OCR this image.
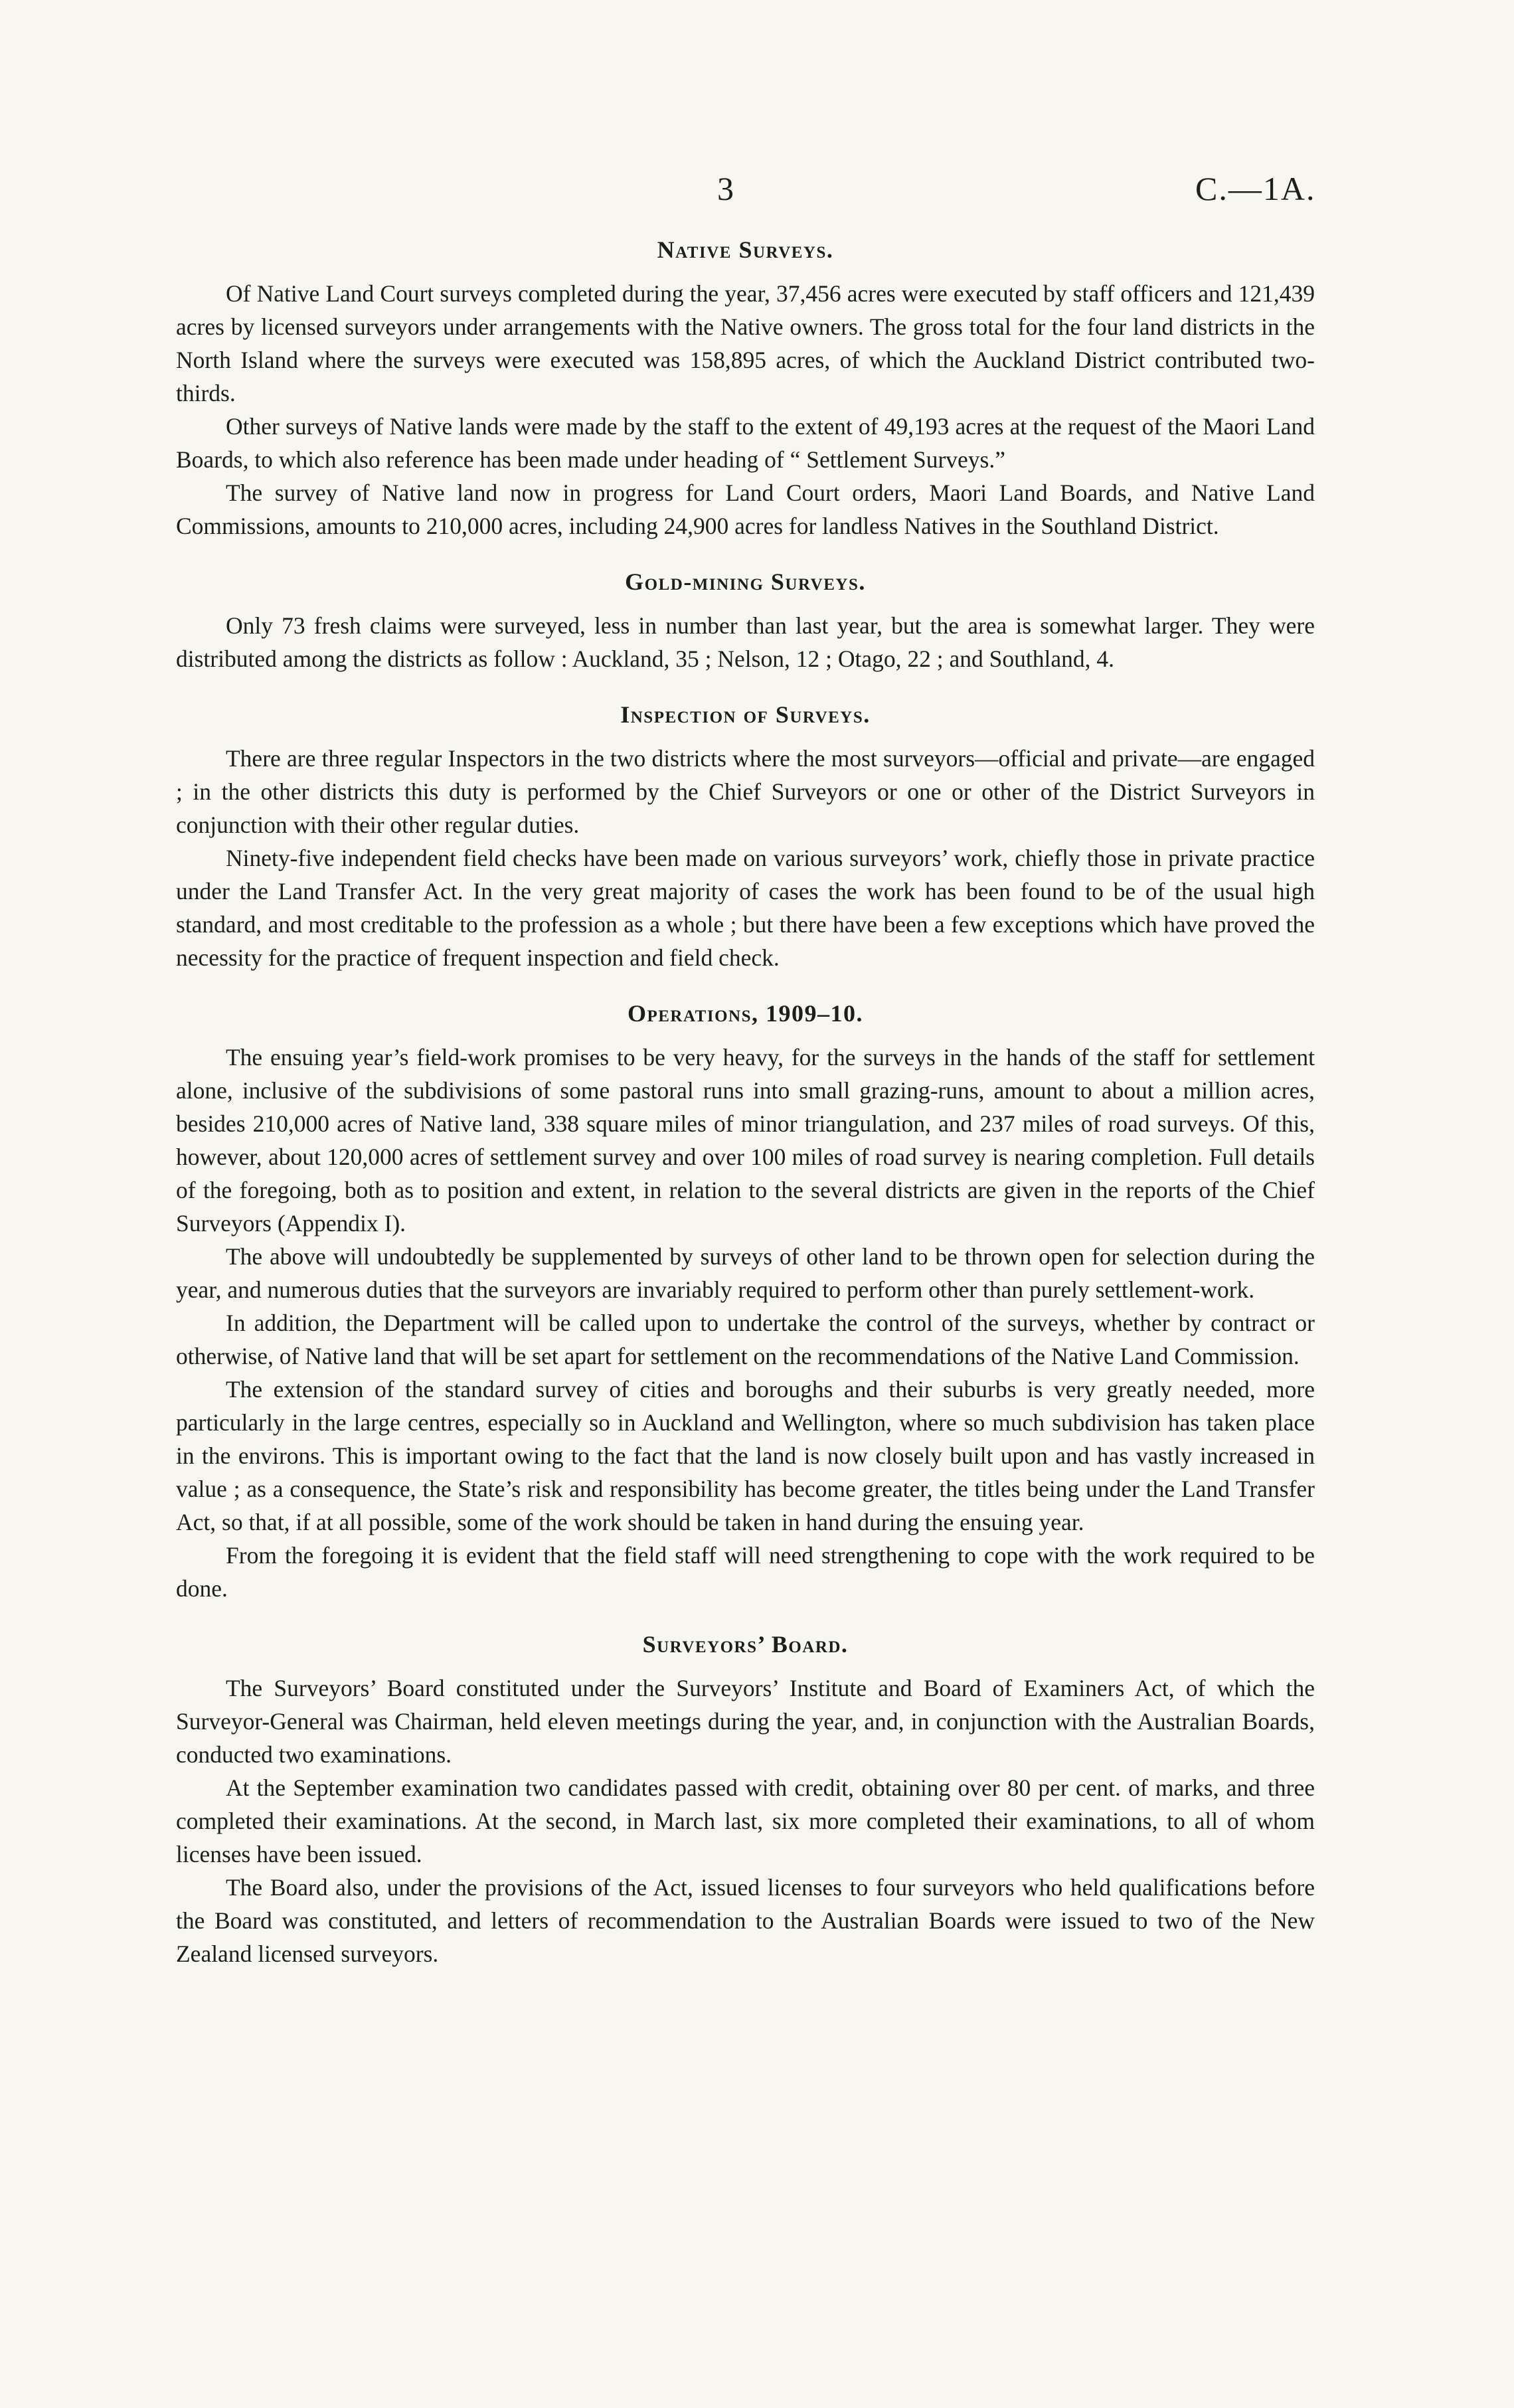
3	C.—1A.
Native Surveys.

Of Native Land Court surveys completed during the year, 37,456 acres were executed by staff officers and 121,439 acres by licensed surveyors under arrangements with the Native owners. The gross total for the four land districts in the North Island where the surveys were executed was 158,895 acres, of which the Auckland District contributed two-thirds.

Other surveys of Native lands were made by the staff to the extent of 49,193 acres at the request of the Maori Land Boards, to which also reference has been made under heading of “ Settlement Surveys.”

The survey of Native land now in progress for Land Court orders, Maori Land Boards, and Native Land Commissions, amounts to 210,000 acres, including 24,900 acres for landless Natives in the Southland District.

Gold-mining Surveys.

Only 73 fresh claims were surveyed, less in number than last year, but the area is somewhat larger. They were distributed among the districts as follow : Auckland, 35 ; Nelson, 12 ; Otago, 22 ; and Southland, 4.

Inspection of Surveys.

There are three regular Inspectors in the two districts where the most surveyors—official and private—are engaged ; in the other districts this duty is performed by the Chief Surveyors or one or other of the District Surveyors in conjunction with their other regular duties.

Ninety-five independent field checks have been made on various surveyors’ work, chiefly those in private practice under the Land Transfer Act. In the very great majority of cases the work has been found to be of the usual high standard, and most creditable to the profession as a whole ; but there have been a few exceptions which have proved the necessity for the practice of frequent inspection and field check.

Operations, 1909–10.

The ensuing year’s field-work promises to be very heavy, for the surveys in the hands of the staff for settlement alone, inclusive of the subdivisions of some pastoral runs into small grazing-runs, amount to about a million acres, besides 210,000 acres of Native land, 338 square miles of minor triangulation, and 237 miles of road surveys. Of this, however, about 120,000 acres of settlement survey and over 100 miles of road survey is nearing completion. Full details of the foregoing, both as to position and extent, in relation to the several districts are given in the reports of the Chief Surveyors (Appendix I).

The above will undoubtedly be supplemented by surveys of other land to be thrown open for selection during the year, and numerous duties that the surveyors are invariably required to perform other than purely settlement-work.

In addition, the Department will be called upon to undertake the control of the surveys, whether by contract or otherwise, of Native land that will be set apart for settlement on the recommendations of the Native Land Commission.

The extension of the standard survey of cities and boroughs and their suburbs is very greatly needed, more particularly in the large centres, especially so in Auckland and Wellington, where so much subdivision has taken place in the environs. This is important owing to the fact that the land is now closely built upon and has vastly increased in value ; as a consequence, the State’s risk and responsibility has become greater, the titles being under the Land Transfer Act, so that, if at all possible, some of the work should be taken in hand during the ensuing year.

From the foregoing it is evident that the field staff will need strengthening to cope with the work required to be done.

Surveyors’ Board.

The Surveyors’ Board constituted under the Surveyors’ Institute and Board of Examiners Act, of which the Surveyor-General was Chairman, held eleven meetings during the year, and, in conjunction with the Australian Boards, conducted two examinations.

At the September examination two candidates passed with credit, obtaining over 80 per cent. of marks, and three completed their examinations. At the second, in March last, six more completed their examinations, to all of whom licenses have been issued.

The Board also, under the provisions of the Act, issued licenses to four surveyors who held qualifications before the Board was constituted, and letters of recommendation to the Australian Boards were issued to two of the New Zealand licensed surveyors.
